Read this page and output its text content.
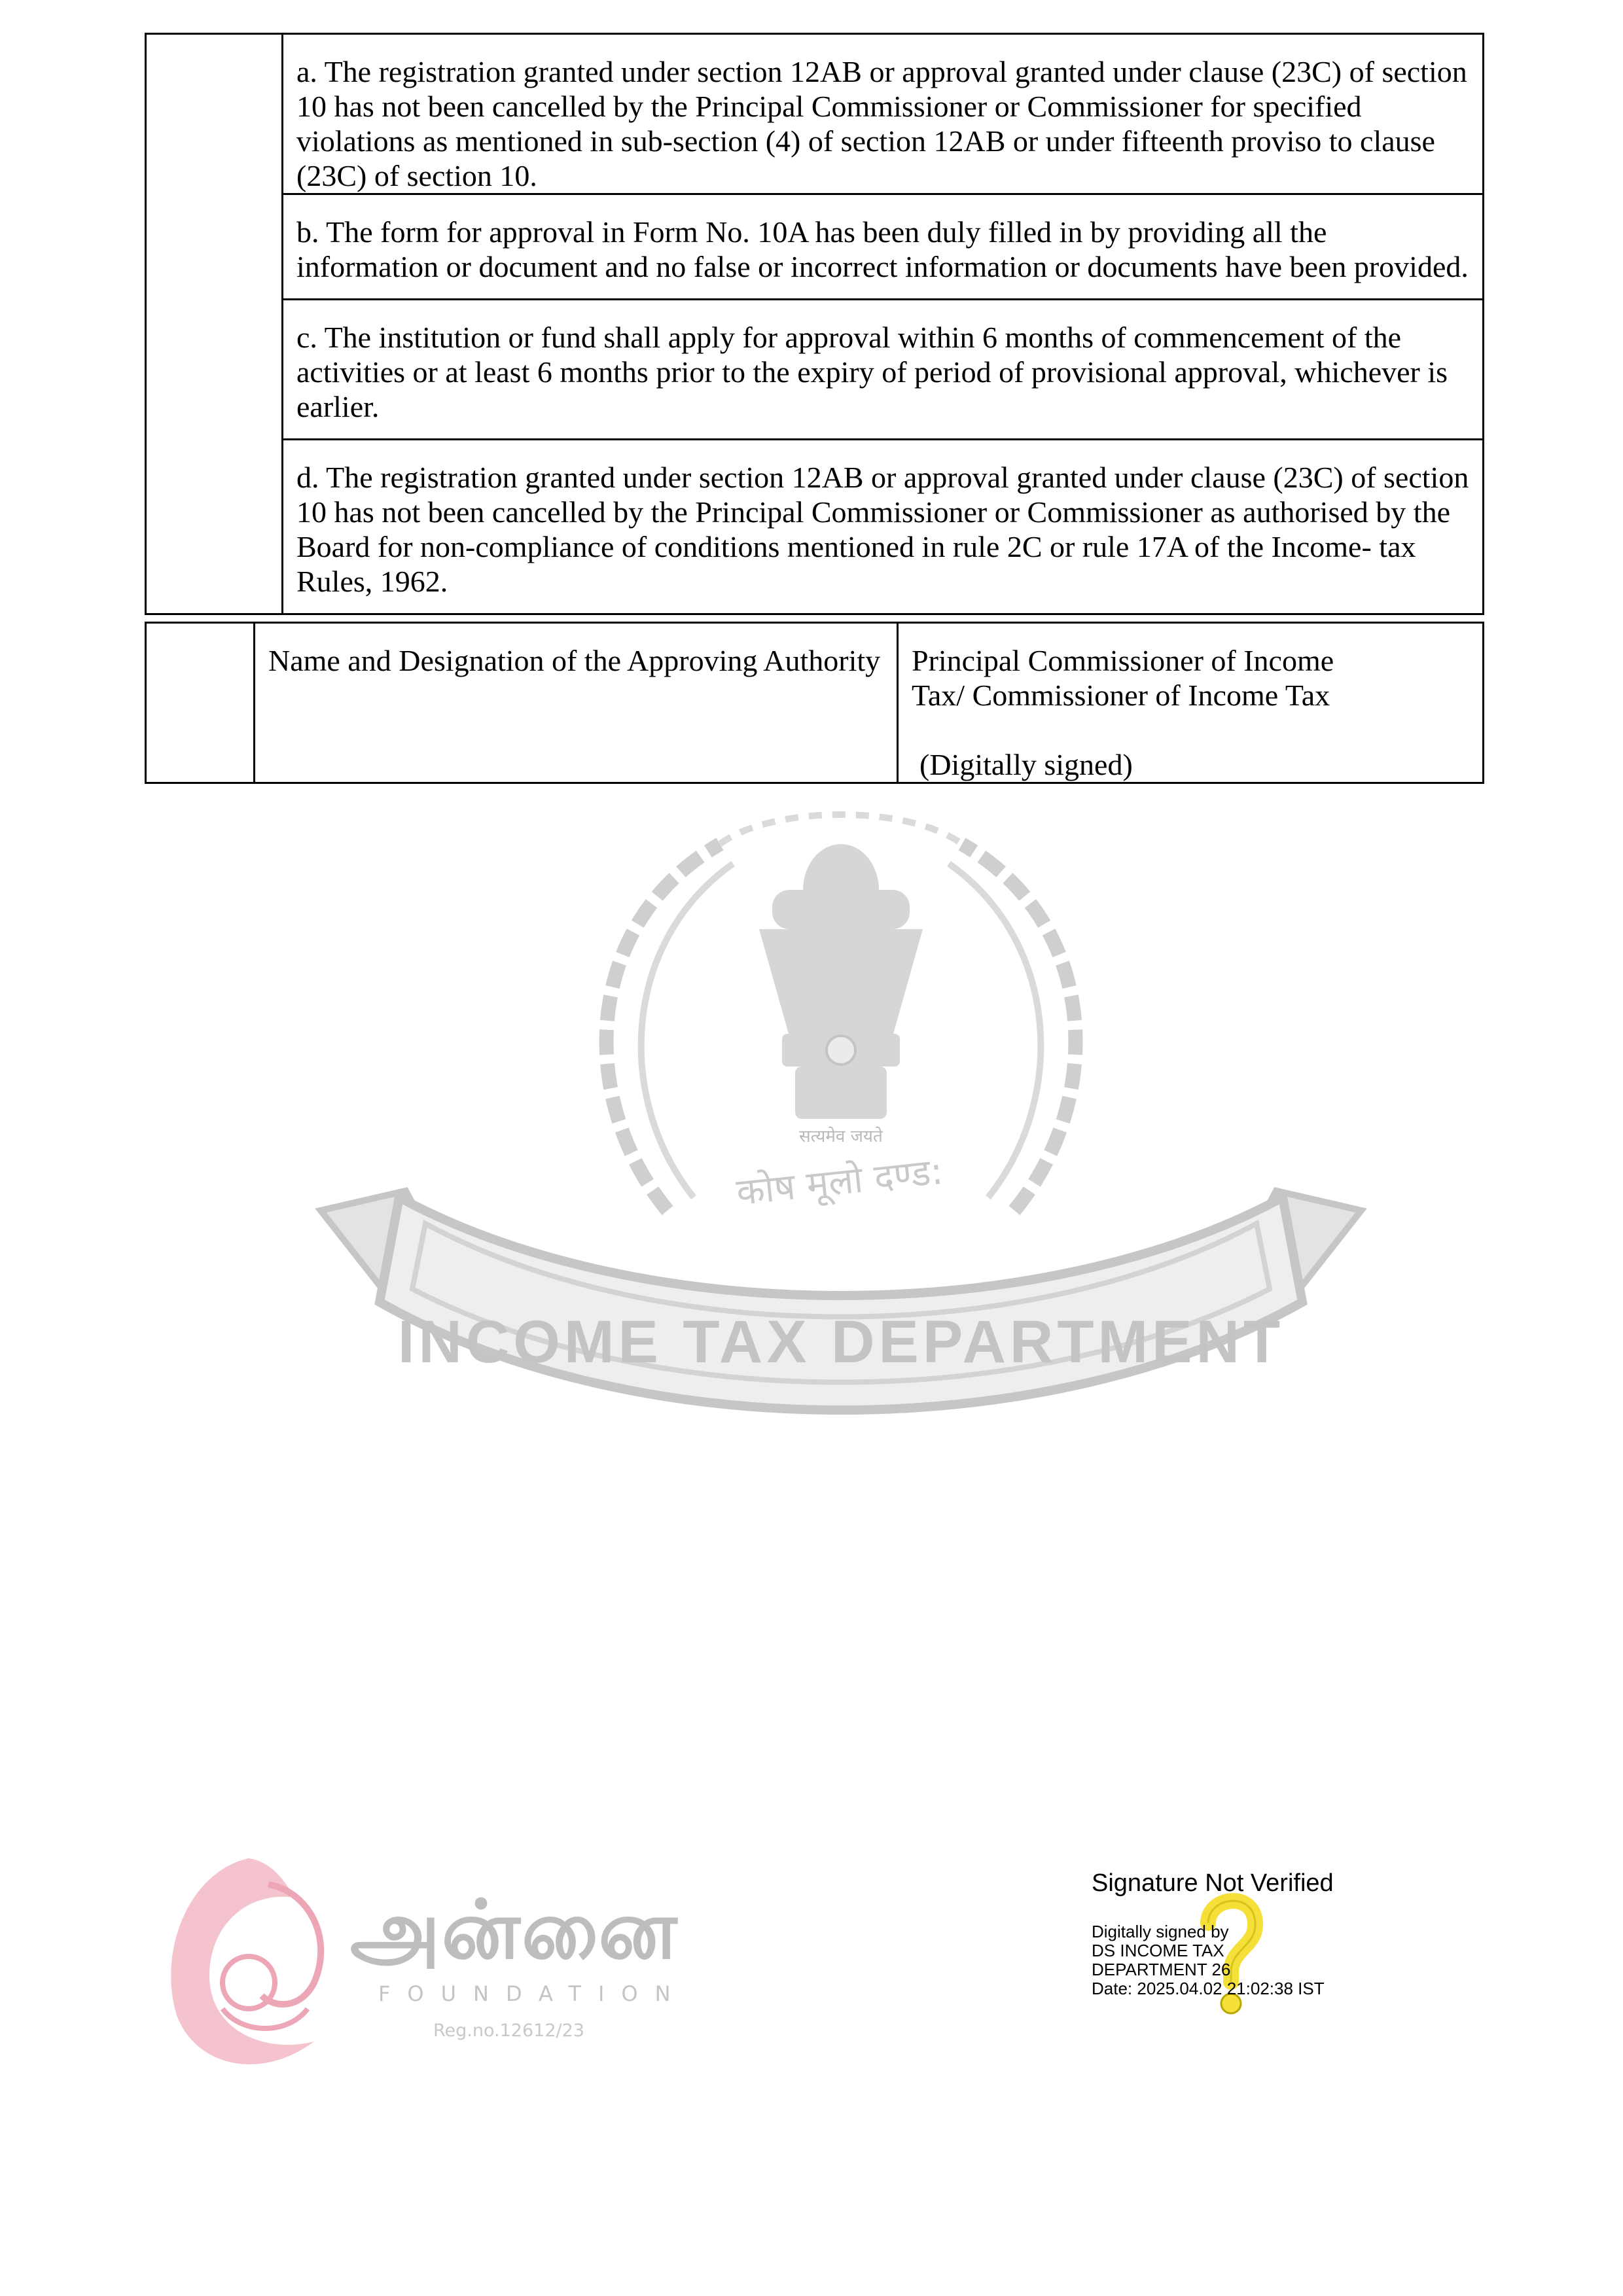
	a. The registration granted under section 12AB or approval granted under clause (23C) of section 10 has not been cancelled by the Principal Commissioner or Commissioner for specified violations as mentioned in sub-section (4) of section 12AB or under fifteenth proviso to clause (23C) of section 10.
b. The form for approval in Form No. 10A has been duly filled in by providing all the information or document and no false or incorrect information or documents have been provided.
c. The institution or fund shall apply for approval within 6 months of commencement of the activities or at least 6 months prior to the expiry of period of provisional approval, whichever is earlier.
d. The registration granted under section 12AB or approval granted under clause (23C) of section 10 has not been cancelled by the Principal Commissioner or Commissioner as authorised by the Board for non-compliance of conditions mentioned in rule 2C or rule 17A of the Income- tax Rules, 1962.
	Name and Designation of the Approving Authority	Principal Commissioner of Income
Tax/ Commissioner of Income Tax
(Digitally signed)
सत्यमेव जयते
कोष मूलो दण्ड:
INCOME TAX DEPARTMENT
அன்னை
FOUNDATION
Reg.no.12612/23
Signature Not Verified
Digitally signed by
DS INCOME TAX
DEPARTMENT 26
Date: 2025.04.02 21:02:38 IST
